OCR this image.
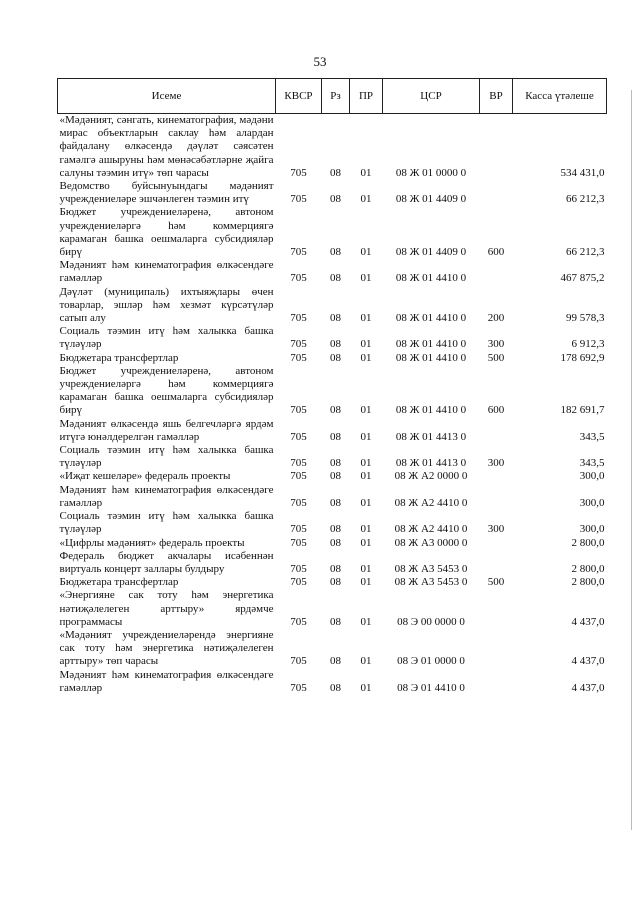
53
Исеме	КВСР	Рз	ПР	ЦСР	ВР	Касса үтәлеше
«Мәдәният, сәнгать, кинематография, мәдәни мирас объектларын саклау һәм алардан файдалану өлкәсендә дәүләт сәясәтен гамәлгә ашыруны һәм мөнәсәбәтләрне җайга салуны тәэмин итү» төп чарасы	705	08	01	08 Ж 01 0000 0		534 431,0
Ведомство буйсынуындагы мәдәният учреждениеләре эшчәнлеген тәэмин итү	705	08	01	08 Ж 01 4409 0		66 212,3
Бюджет учреждениеләренә, автоном учреждениеләргә һәм коммерциягә карамаган башка оешмаларга субсидияләр бирү	705	08	01	08 Ж 01 4409 0	600	66 212,3
Мәдәният һәм кинематография өлкәсендәге гамәлләр	705	08	01	08 Ж 01 4410 0		467 875,2
Дәүләт (муниципаль) ихтыяҗлары өчен товарлар, эшләр һәм хезмәт күрсәтүләр сатып алу	705	08	01	08 Ж 01 4410 0	200	99 578,3
Социаль тәэмин итү һәм халыкка башка түләүләр	705	08	01	08 Ж 01 4410 0	300	6 912,3
Бюджетара трансфертлар	705	08	01	08 Ж 01 4410 0	500	178 692,9
Бюджет учреждениеләренә, автоном учреждениеләргә һәм коммерциягә карамаган башка оешмаларга субсидияләр бирү	705	08	01	08 Ж 01 4410 0	600	182 691,7
Мәдәният өлкәсендә яшь белгечләргә ярдәм итүгә юнәлдерелгән гамәлләр	705	08	01	08 Ж 01 4413 0		343,5
Социаль тәэмин итү һәм халыкка башка түләүләр	705	08	01	08 Ж 01 4413 0	300	343,5
«Иҗат кешеләре» федераль проекты	705	08	01	08 Ж А2 0000 0		300,0
Мәдәният һәм кинематография өлкәсендәге гамәлләр	705	08	01	08 Ж А2 4410 0		300,0
Социаль тәэмин итү һәм халыкка башка түләүләр	705	08	01	08 Ж А2 4410 0	300	300,0
«Цифрлы мәдәният» федераль проекты	705	08	01	08 Ж А3 0000 0		2 800,0
Федераль бюджет акчалары исәбеннән виртуаль концерт заллары булдыру	705	08	01	08 Ж А3 5453 0		2 800,0
Бюджетара трансфертлар	705	08	01	08 Ж А3 5453 0	500	2 800,0
«Энергияне сак тоту һәм энергетика нәтиҗәлелеген арттыру» ярдәмче программасы	705	08	01	08 Э 00 0000 0		4 437,0
«Мәдәният учреждениеләрендә энергияне сак тоту һәм энергетика нәтиҗәлелеген арттыру» төп чарасы	705	08	01	08 Э 01 0000 0		4 437,0
Мәдәният һәм кинематография өлкәсендәге гамәлләр	705	08	01	08 Э 01 4410 0		4 437,0
